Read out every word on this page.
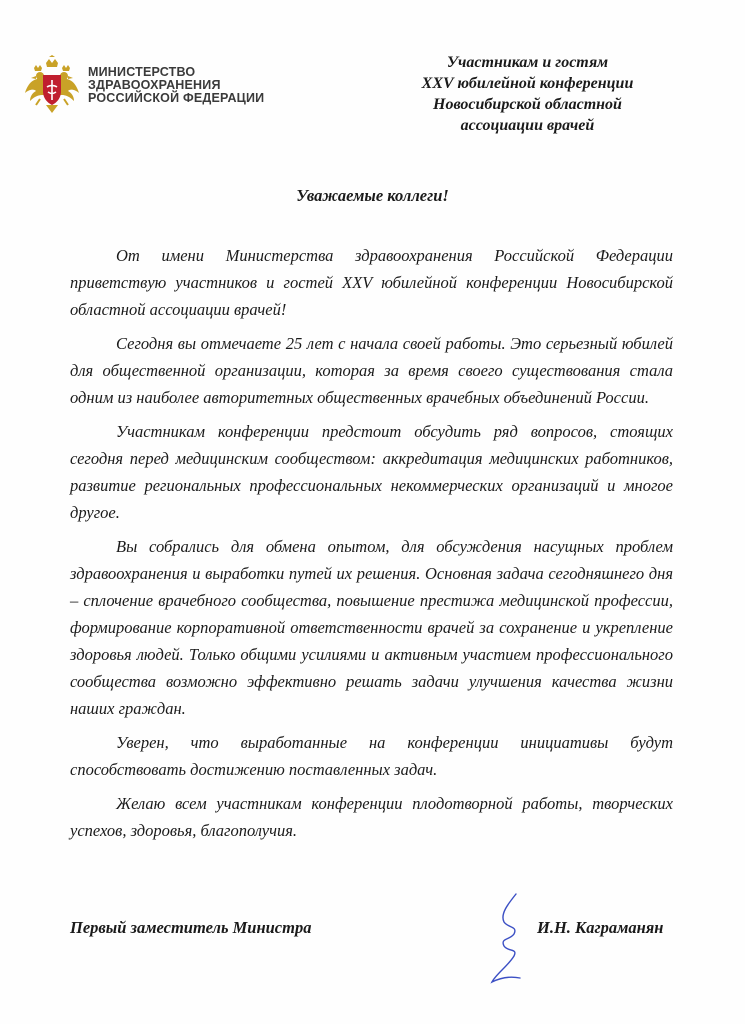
МИНИСТЕРСТВО
ЗДРАВООХРАНЕНИЯ
РОССИЙСКОЙ ФЕДЕРАЦИИ
Участникам и гостям
XXV юбилейной конференции
Новосибирской областной
ассоциации врачей
Уважаемые коллеги!

От имени Министерства здравоохранения Российской Федерации приветствую участников и гостей XXV юбилейной конференции Новосибирской областной ассоциации врачей!

Сегодня вы отмечаете 25 лет с начала своей работы. Это серьезный юбилей для общественной организации, которая за время своего существования стала одним из наиболее авторитетных общественных врачебных объединений России.

Участникам конференции предстоит обсудить ряд вопросов, стоящих сегодня перед медицинским сообществом: аккредитация медицинских работников, развитие региональных профессиональных некоммерческих организаций и многое другое.

Вы собрались для обмена опытом, для обсуждения насущных проблем здравоохранения и выработки путей их решения. Основная задача сегодняшнего дня – сплочение врачебного сообщества, повышение престижа медицинской профессии, формирование корпоративной ответственности врачей за сохранение и укрепление здоровья людей. Только общими усилиями и активным участием профессионального сообщества возможно эффективно решать задачи улучшения качества жизни наших граждан.

Уверен, что выработанные на конференции инициативы будут способствовать достижению поставленных задач.

Желаю всем участникам конференции плодотворной работы, творческих успехов, здоровья, благополучия.

Первый заместитель Министра	И.Н. Каграманян
